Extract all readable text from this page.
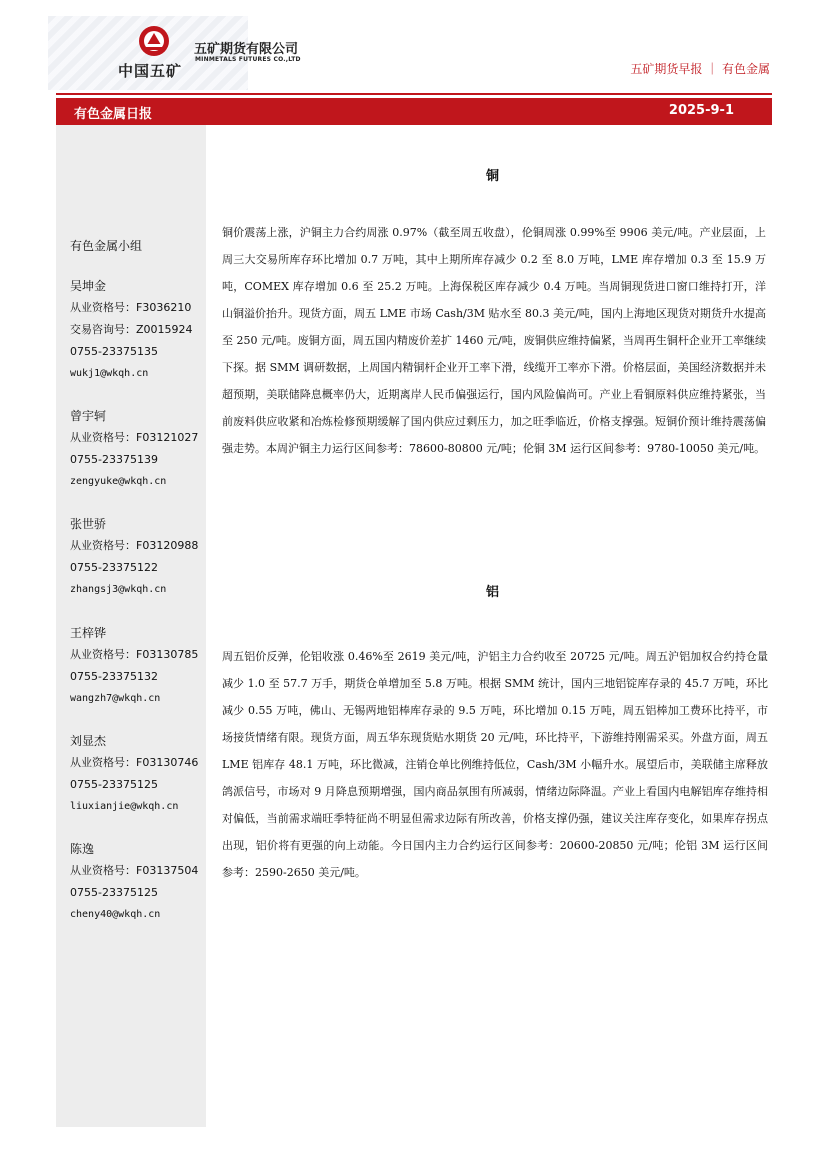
中国五矿
五矿期货有限公司
MINMETALS FUTURES CO.,LTD
五矿期货早报 ｜ 有色金属
有色金属日报	2025-9-1
有色金属小组
吴坤金
从业资格号：F3036210
交易咨询号：Z0015924
0755-23375135
wukj1@wkqh.cn
曾宇轲
从业资格号：F03121027
0755-23375139
zengyuke@wkqh.cn
张世骄
从业资格号：F03120988
0755-23375122
zhangsj3@wkqh.cn
王梓铧
从业资格号：F03130785
0755-23375132
wangzh7@wkqh.cn
刘显杰
从业资格号：F03130746
0755-23375125
liuxianjie@wkqh.cn
陈逸
从业资格号：F03137504
0755-23375125
cheny40@wkqh.cn
铜
铜价震荡上涨，沪铜主力合约周涨 0.97%（截至周五收盘），伦铜周涨 0.99%至 9906 美元/吨。产业层面，上周三大交易所库存环比增加 0.7 万吨，其中上期所库存减少 0.2 至 8.0 万吨，LME 库存增加 0.3 至 15.9 万吨，COMEX 库存增加 0.6 至 25.2 万吨。上海保税区库存减少 0.4 万吨。当周铜现货进口窗口维持打开，洋山铜溢价抬升。现货方面，周五 LME 市场 Cash/3M 贴水至 80.3 美元/吨，国内上海地区现货对期货升水提高至 250 元/吨。废铜方面，周五国内精废价差扩 1460 元/吨，废铜供应维持偏紧，当周再生铜杆企业开工率继续下探。据 SMM 调研数据，上周国内精铜杆企业开工率下滑，线缆开工率亦下滑。价格层面，美国经济数据并未超预期，美联储降息概率仍大，近期离岸人民币偏强运行，国内风险偏尚可。产业上看铜原料供应维持紧张，当前废料供应收紧和冶炼检修预期缓解了国内供应过剩压力，加之旺季临近，价格支撑强。短铜价预计维持震荡偏强走势。本周沪铜主力运行区间参考：78600-80800 元/吨；伦铜 3M 运行区间参考：9780-10050 美元/吨。
铝
周五铝价反弹，伦铝收涨 0.46%至 2619 美元/吨，沪铝主力合约收至 20725 元/吨。周五沪铝加权合约持仓量减少 1.0 至 57.7 万手，期货仓单增加至 5.8 万吨。根据 SMM 统计，国内三地铝锭库存录的 45.7 万吨，环比减少 0.55 万吨，佛山、无锡两地铝棒库存录的 9.5 万吨，环比增加 0.15 万吨，周五铝棒加工费环比持平，市场接货情绪有限。现货方面，周五华东现货贴水期货 20 元/吨，环比持平，下游维持刚需采买。外盘方面，周五 LME 铝库存 48.1 万吨，环比微减，注销仓单比例维持低位，Cash/3M 小幅升水。展望后市，美联储主席释放鸽派信号，市场对 9 月降息预期增强，国内商品氛围有所减弱，情绪边际降温。产业上看国内电解铝库存维持相对偏低，当前需求端旺季特征尚不明显但需求边际有所改善，价格支撑仍强，建议关注库存变化，如果库存拐点出现，铝价将有更强的向上动能。今日国内主力合约运行区间参考：20600-20850 元/吨；伦铝 3M 运行区间参考：2590-2650 美元/吨。
